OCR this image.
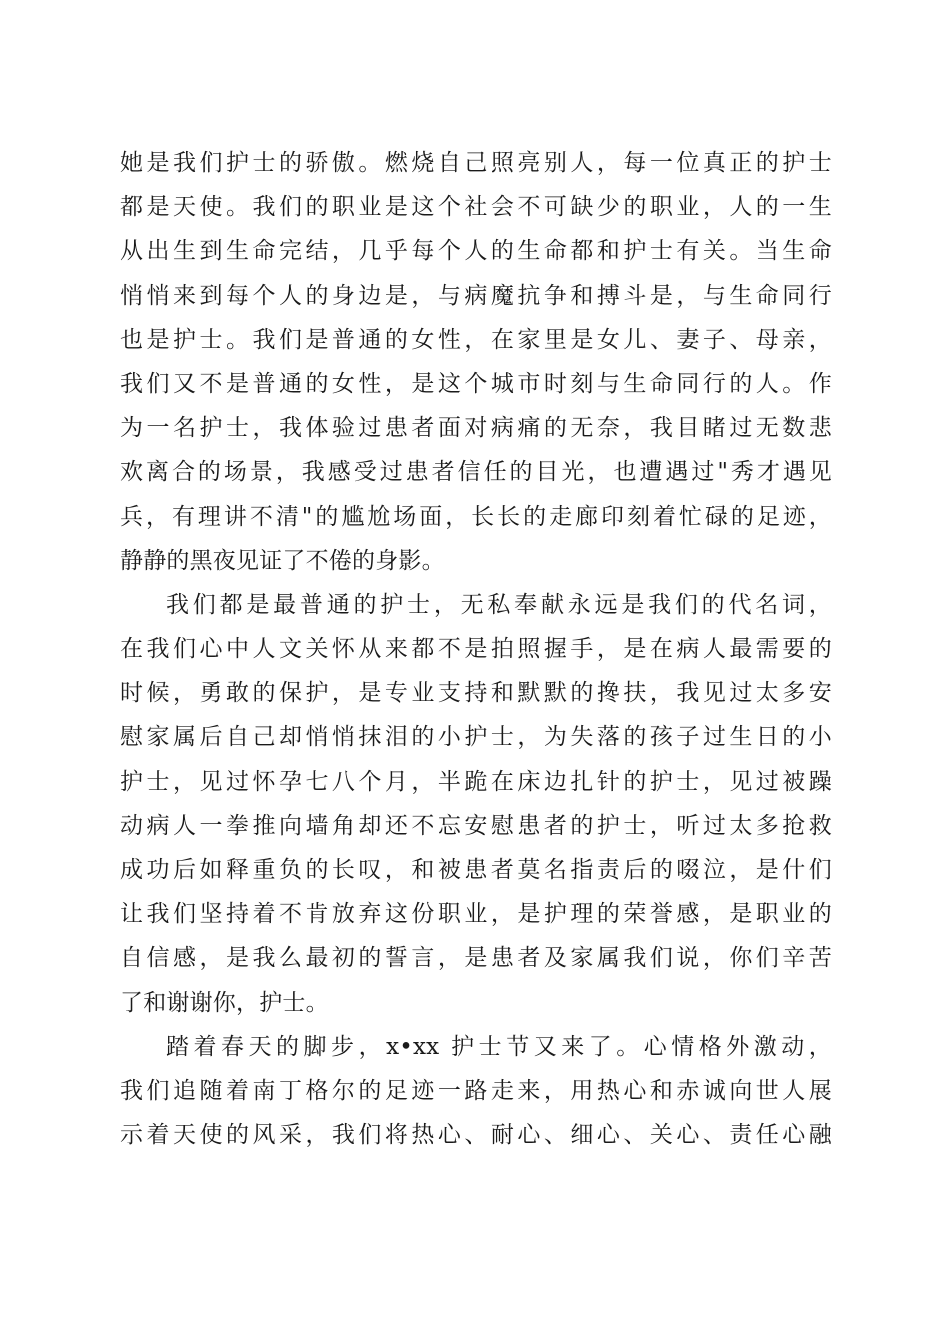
她是我们护士的骄傲。燃烧自己照亮别人，每一位真正的护士
都是天使。我们的职业是这个社会不可缺少的职业，人的一生
从出生到生命完结，几乎每个人的生命都和护士有关。当生命
悄悄来到每个人的身边是，与病魔抗争和搏斗是，与生命同行
也是护士。我们是普通的女性，在家里是女儿、妻子、母亲，
我们又不是普通的女性，是这个城市时刻与生命同行的人。作
为一名护士，我体验过患者面对病痛的无奈，我目睹过无数悲
欢离合的场景，我感受过患者信任的目光，也遭遇过"秀才遇见
兵，有理讲不清"的尴尬场面，长长的走廊印刻着忙碌的足迹，
静静的黑夜见证了不倦的身影。
我们都是最普通的护士，无私奉献永远是我们的代名词，
在我们心中人文关怀从来都不是拍照握手，是在病人最需要的
时候，勇敢的保护，是专业支持和默默的搀扶，我见过太多安
慰家属后自己却悄悄抹泪的小护士，为失落的孩子过生日的小
护士，见过怀孕七八个月，半跪在床边扎针的护士，见过被躁
动病人一拳推向墙角却还不忘安慰患者的护士，听过太多抢救
成功后如释重负的长叹，和被患者莫名指责后的啜泣，是什们
让我们坚持着不肯放弃这份职业，是护理的荣誉感，是职业的
自信感，是我么最初的誓言，是患者及家属我们说，你们辛苦
了和谢谢你，护士。
踏着春天的脚步，x•xx 护士节又来了。心情格外激动，
我们追随着南丁格尔的足迹一路走来，用热心和赤诚向世人展
示着天使的风采，我们将热心、耐心、细心、关心、责任心融
